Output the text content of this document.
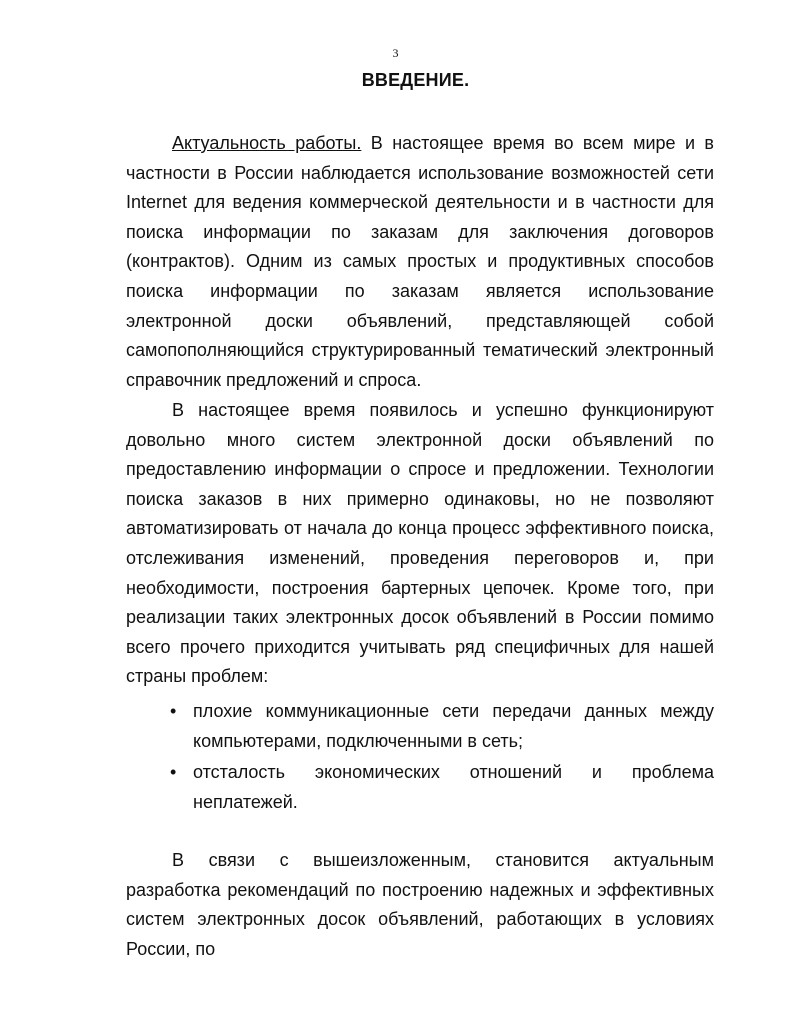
3
ВВЕДЕНИЕ.

Актуальность работы. В настоящее время во всем мире и в частности в России наблюдается использование возможностей сети Internet для ведения коммерческой деятельности и в частности для поиска информации по заказам для заключения договоров (контрактов). Одним из самых простых и продуктивных способов поиска информации по заказам является использование электронной доски объявлений, представляющей собой самопополняющийся структурированный тематический электронный справочник предложений и спроса.

В настоящее время появилось и успешно функционируют довольно много систем электронной доски объявлений по предоставлению информации о спросе и предложении. Технологии поиска заказов в них примерно одинаковы, но не позволяют автоматизировать от начала до конца процесс эффективного поиска, отслеживания изменений, проведения переговоров и, при необходимости, построения бартерных цепочек. Кроме того, при реализации таких электронных досок объявлений в России помимо всего прочего приходится учитывать ряд специфичных для нашей страны проблем:

• плохие коммуникационные сети передачи данных между компьютерами, подключенными в сеть;
• отсталость экономических отношений и проблема неплатежей.

В связи с вышеизложенным, становится актуальным разработка рекомендаций по построению надежных и эффективных систем электронных досок объявлений, работающих в условиях России, по
